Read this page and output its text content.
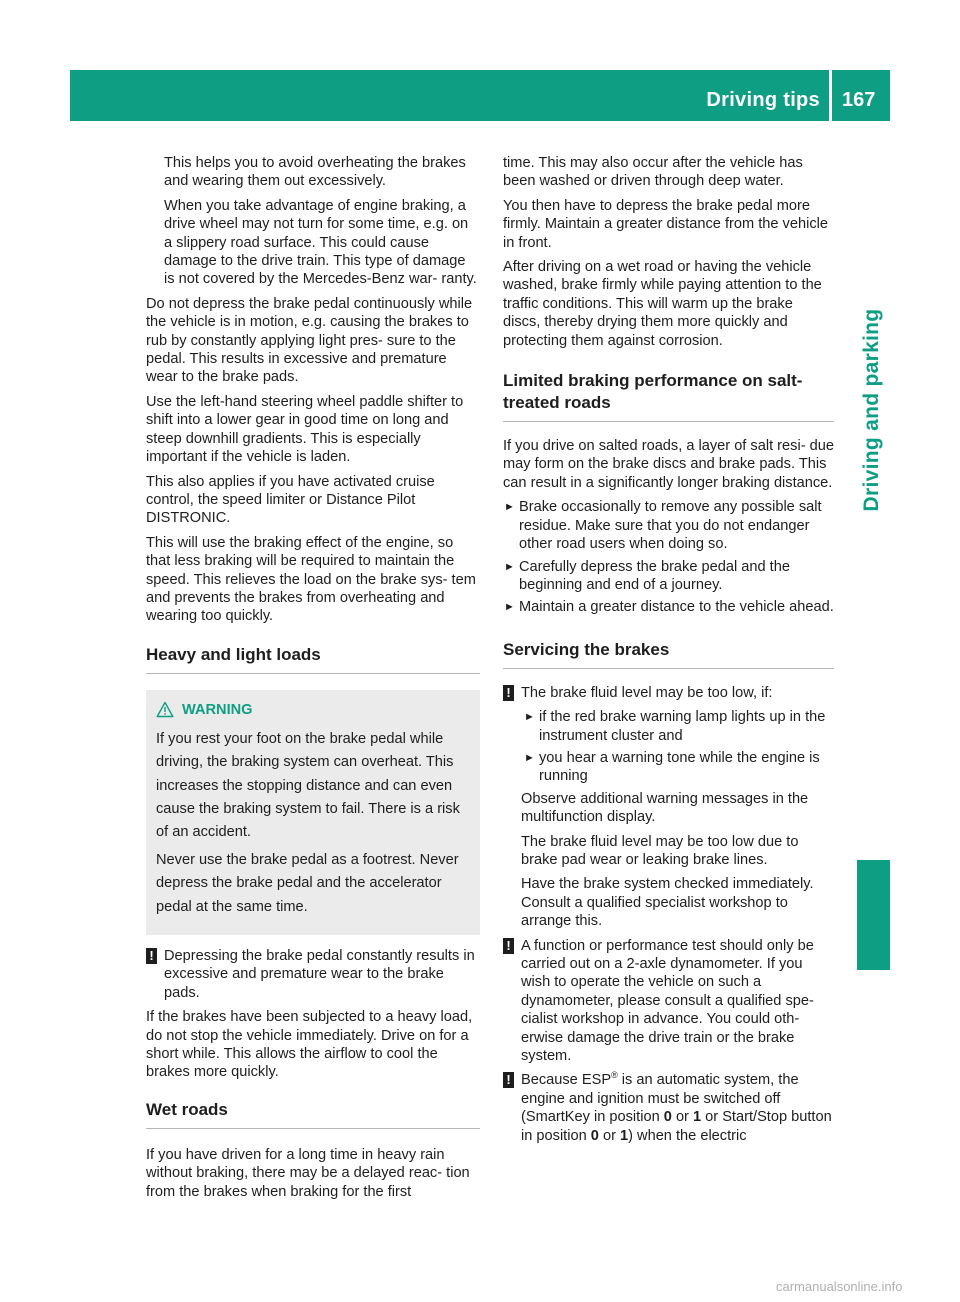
Driving tips 167
Driving and parking

This helps you to avoid overheating the brakes and wearing them out excessively.

When you take advantage of engine braking, a drive wheel may not turn for some time, e.g. on a slippery road surface. This could cause damage to the drive train. This type of damage is not covered by the Mercedes-Benz war- ranty.

Do not depress the brake pedal continuously while the vehicle is in motion, e.g. causing the brakes to rub by constantly applying light pres- sure to the pedal. This results in excessive and premature wear to the brake pads.

Use the left-hand steering wheel paddle shifter to shift into a lower gear in good time on long and steep downhill gradients. This is especially important if the vehicle is laden.

This also applies if you have activated cruise control, the speed limiter or Distance Pilot DISTRONIC.

This will use the braking effect of the engine, so that less braking will be required to maintain the speed. This relieves the load on the brake sys- tem and prevents the brakes from overheating and wearing too quickly.

Heavy and light loads
WARNING

If you rest your foot on the brake pedal while driving, the braking system can overheat. This increases the stopping distance and can even cause the braking system to fail. There is a risk of an accident.

Never use the brake pedal as a footrest. Never depress the brake pedal and the accelerator pedal at the same time.

! Depressing the brake pedal constantly results in excessive and premature wear to the brake pads.

If the brakes have been subjected to a heavy load, do not stop the vehicle immediately. Drive on for a short while. This allows the airflow to cool the brakes more quickly.

Wet roads

If you have driven for a long time in heavy rain without braking, there may be a delayed reac- tion from the brakes when braking for the first

time. This may also occur after the vehicle has been washed or driven through deep water.

You then have to depress the brake pedal more firmly. Maintain a greater distance from the vehicle in front.

After driving on a wet road or having the vehicle washed, brake firmly while paying attention to the traffic conditions. This will warm up the brake discs, thereby drying them more quickly and protecting them against corrosion.

Limited braking performance on salt-
treated roads

If you drive on salted roads, a layer of salt resi- due may form on the brake discs and brake pads. This can result in a significantly longer braking distance.

► Brake occasionally to remove any possible salt residue. Make sure that you do not endanger other road users when doing so.
► Carefully depress the brake pedal and the beginning and end of a journey.
► Maintain a greater distance to the vehicle ahead.
Servicing the brakes
! The brake fluid level may be too low, if:

► if the red brake warning lamp lights up in the instrument cluster and
► you hear a warning tone while the engine is running

Observe additional warning messages in the multifunction display.

The brake fluid level may be too low due to brake pad wear or leaking brake lines.

Have the brake system checked immediately. Consult a qualified specialist workshop to arrange this.

! A function or performance test should only be carried out on a 2-axle dynamometer. If you wish to operate the vehicle on such a dynamometer, please consult a qualified spe- cialist workshop in advance. You could oth- erwise damage the drive train or the brake system.
! Because ESP® is an automatic system, the engine and ignition must be switched off (SmartKey in position 0 or 1 or Start/Stop button in position 0 or 1) when the electric
carmanualsonline.info
